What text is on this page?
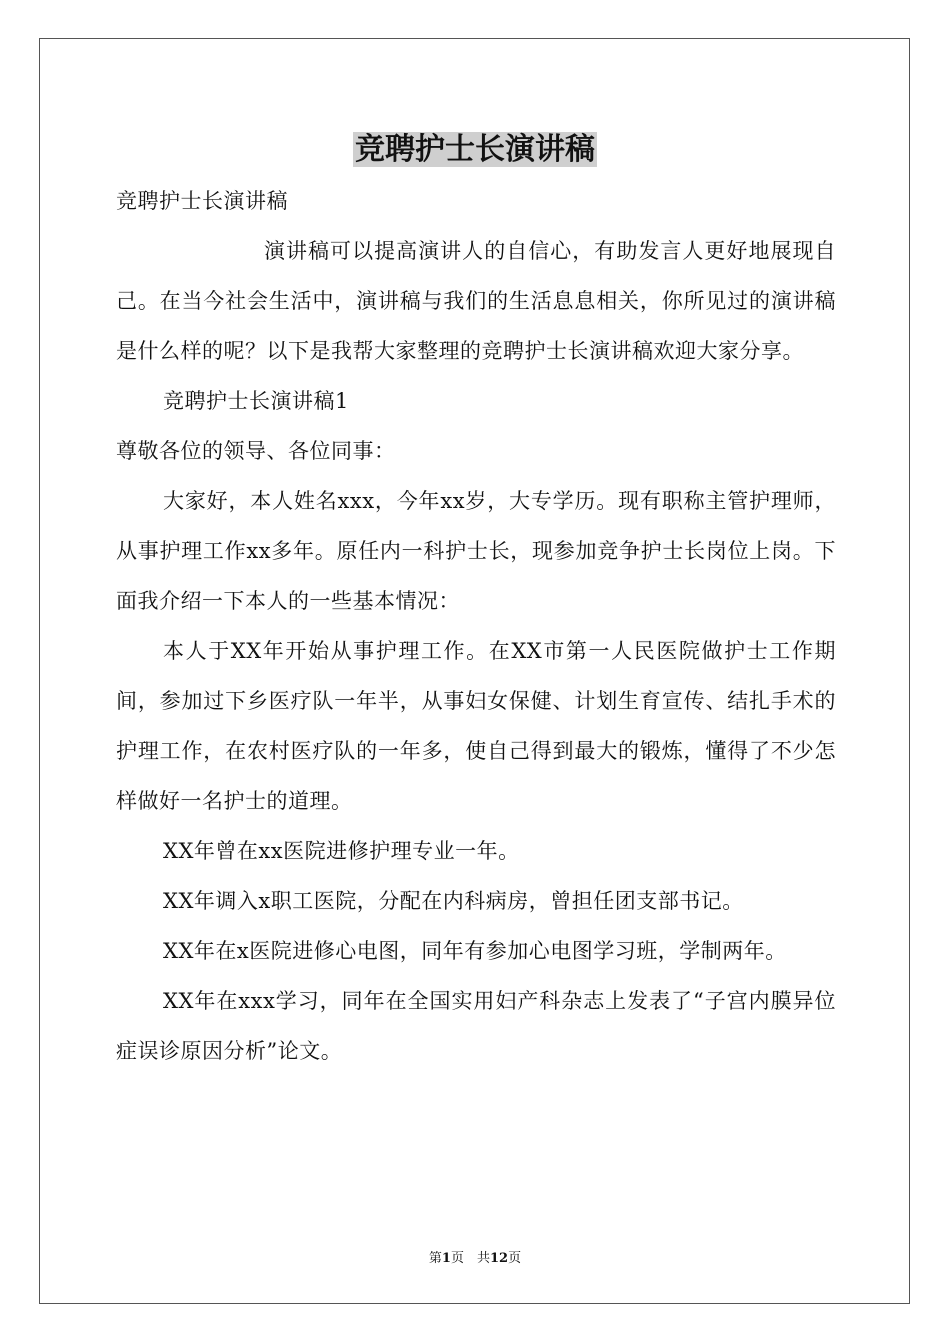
竞聘护士长演讲稿

竞聘护士长演讲稿

演讲稿可以提高演讲人的自信心，有助发言人更好地展现自己。在当今社会生活中，演讲稿与我们的生活息息相关，你所见过的演讲稿是什么样的呢？以下是我帮大家整理的竞聘护士长演讲稿欢迎大家分享。

竞聘护士长演讲稿1

尊敬各位的领导、各位同事：

大家好，本人姓名xxx，今年xx岁，大专学历。现有职称主管护理师，从事护理工作xx多年。原任内一科护士长，现参加竞争护士长岗位上岗。下面我介绍一下本人的一些基本情况：

本人于XX年开始从事护理工作。在XX市第一人民医院做护士工作期间，参加过下乡医疗队一年半，从事妇女保健、计划生育宣传、结扎手术的护理工作，在农村医疗队的一年多，使自己得到最大的锻炼，懂得了不少怎样做好一名护士的道理。

XX年曾在xx医院进修护理专业一年。

XX年调入x职工医院，分配在内科病房，曾担任团支部书记。

XX年在x医院进修心电图，同年有参加心电图学习班，学制两年。

XX年在xxx学习，同年在全国实用妇产科杂志上发表了“子宫内膜异位症误诊原因分析”论文。

第1页　共12页
